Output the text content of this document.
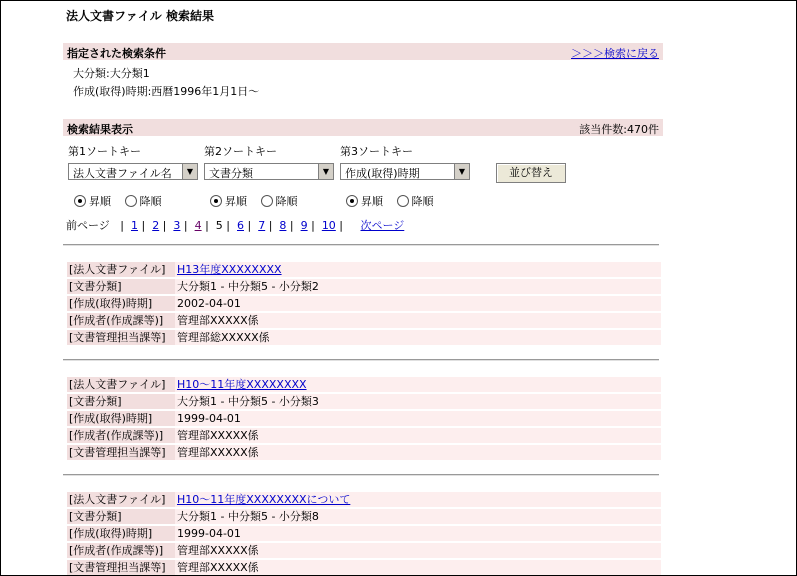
法人文書ファイル 検索結果
指定された検索条件	＞＞＞検索に戻る
大分類:大分類1
作成(取得)時期:西暦1996年1月1日～
検索結果表示	該当件数:470件
第1ソートキー	第2ソートキー	第3ソートキー
法人文書ファイル名	▼	文書分類	▼	作成(取得)時期	▼	並び替え
昇順	降順	昇順	降順	昇順	降順
前ページ   |  1 |  2 |  3 |  4 |  5 |  6 |  7 |  8 |  9 |  10 |     次ページ
[法人文書ファイル]	H13年度XXXXXXXX
[文書分類]	大分類1 - 中分類5 - 小分類2
[作成(取得)時期]	2002-04-01
[作成者(作成課等)]	管理部XXXXX係
[文書管理担当課等]	管理部総XXXXX係
[法人文書ファイル]	H10～11年度XXXXXXXX
[文書分類]	大分類1 - 中分類5 - 小分類3
[作成(取得)時期]	1999-04-01
[作成者(作成課等)]	管理部XXXXX係
[文書管理担当課等]	管理部XXXXX係
[法人文書ファイル]	H10～11年度XXXXXXXXについて
[文書分類]	大分類1 - 中分類5 - 小分類8
[作成(取得)時期]	1999-04-01
[作成者(作成課等)]	管理部XXXXX係
[文書管理担当課等]	管理部XXXXX係
